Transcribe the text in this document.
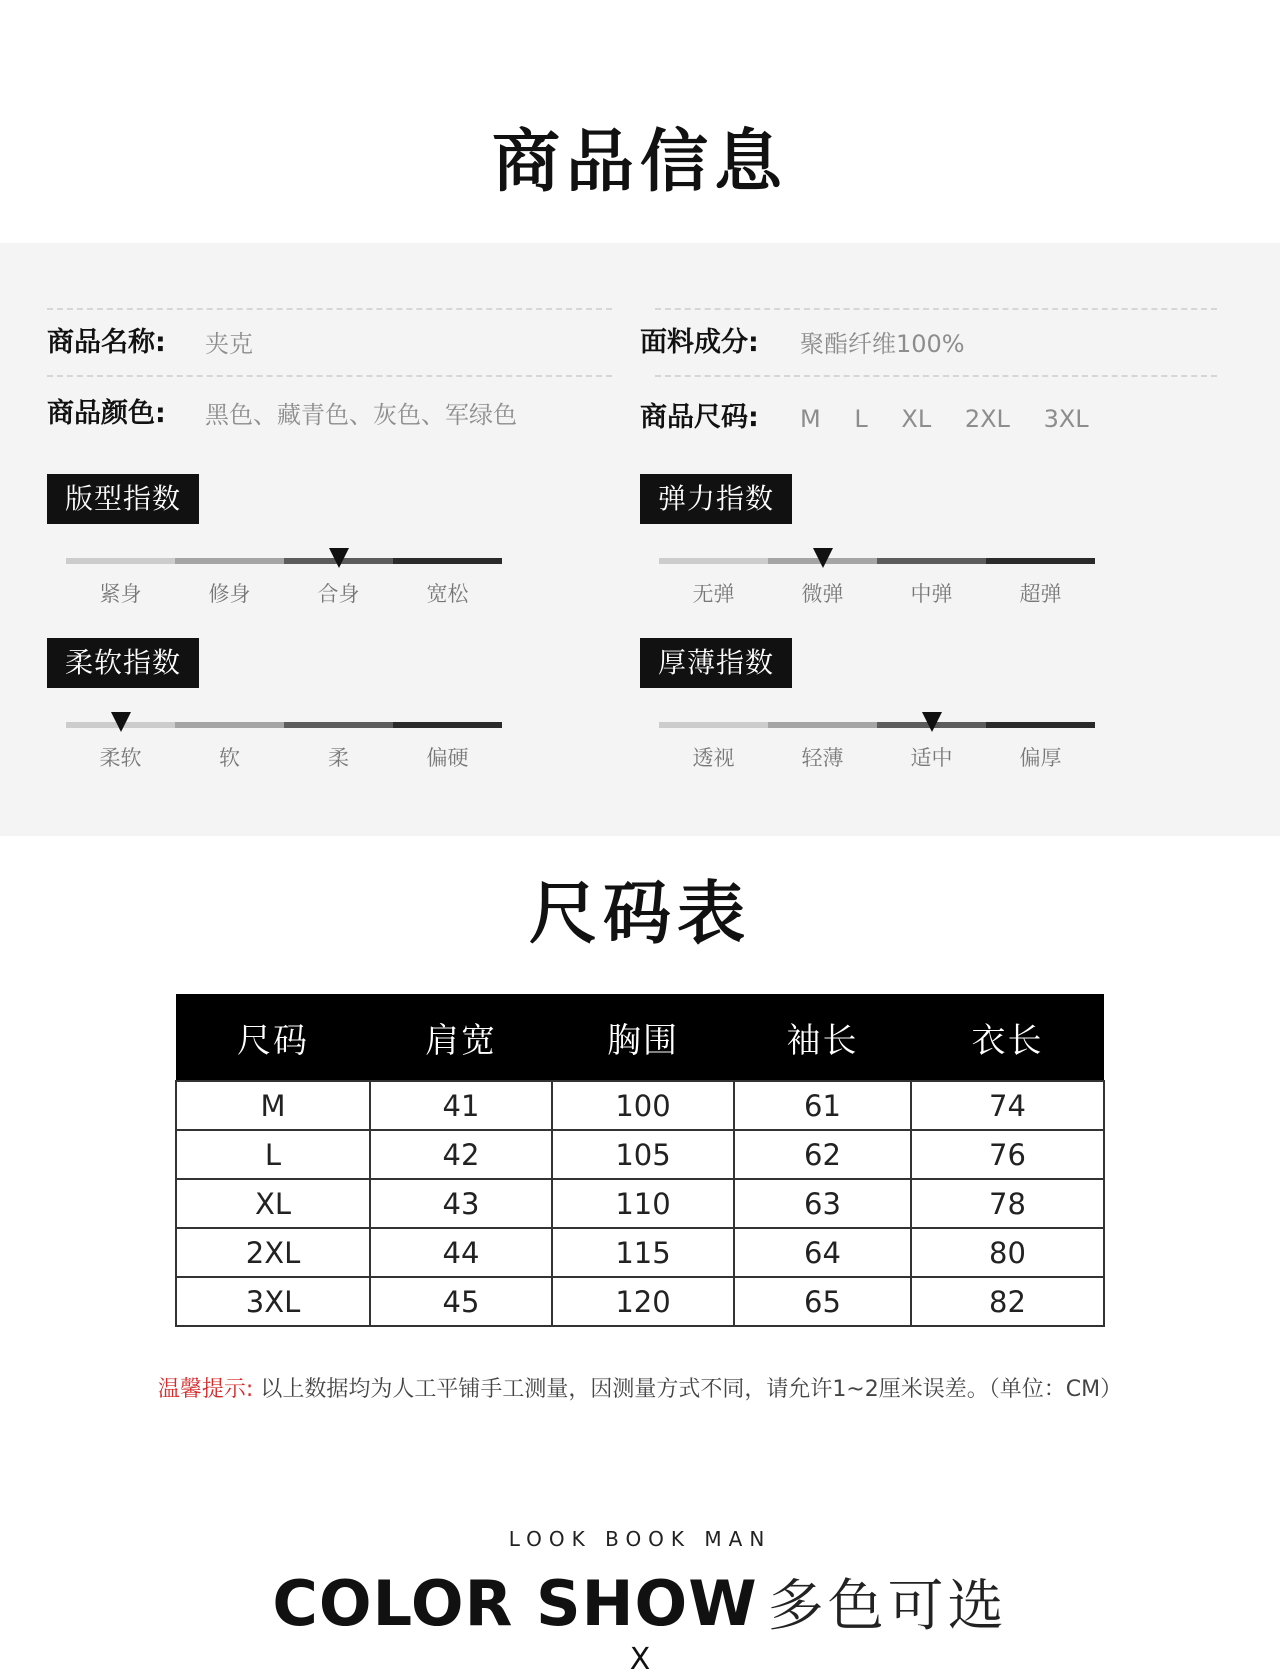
商品信息
商品名称: 夹克	面料成分: 聚酯纤维100%
商品颜色: 黑色、藏青色、灰色、军绿色	商品尺码: M L XL 2XL 3XL
版型指数
紧身	修身	合身	宽松
弹力指数
无弹	微弹	中弹	超弹
柔软指数
柔软	软	柔	偏硬
厚薄指数
透视	轻薄	适中	偏厚
尺码表
尺码	肩宽	胸围	袖长	衣长
M	41	100	61	74
L	42	105	62	76
XL	43	110	63	78
2XL	44	115	64	80
3XL	45	120	65	82
温馨提示: 以上数据均为人工平铺手工测量，因测量方式不同，请允许1~2厘米误差。（单位：CM）
LOOK BOOK MAN
COLOR SHOW 多色可选
X
